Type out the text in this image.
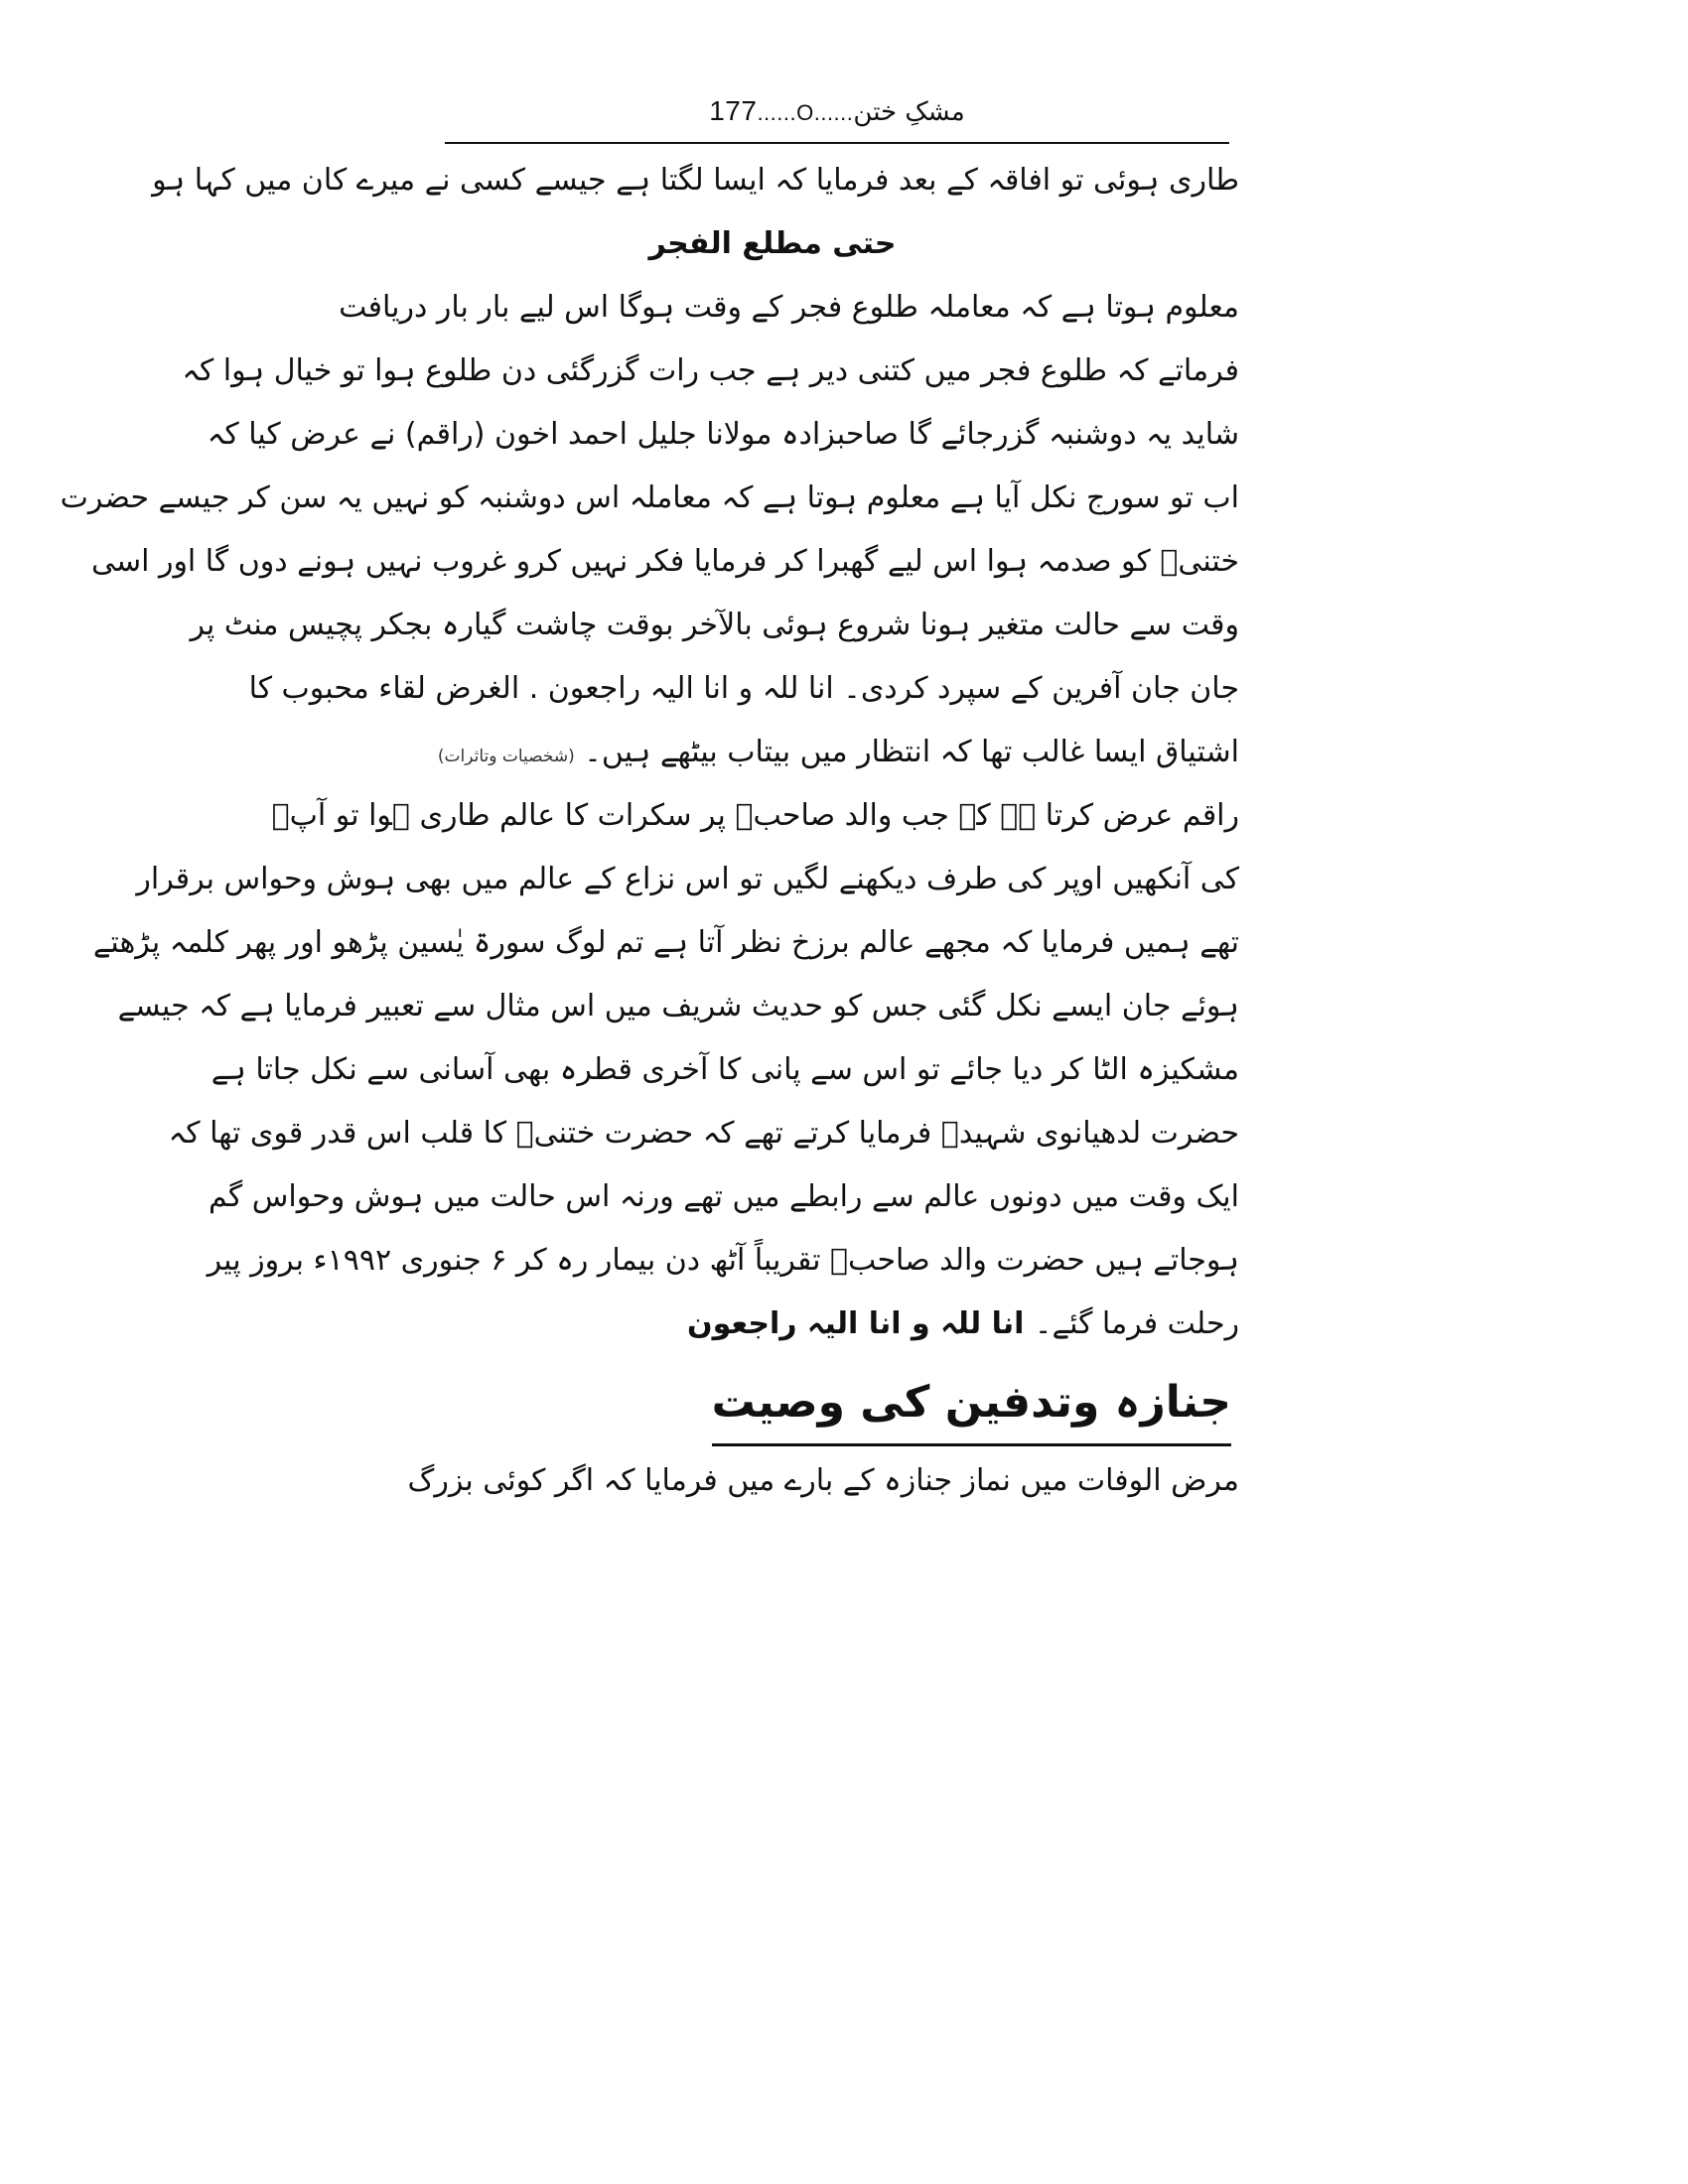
177......O......مشکِ ختن
طاری ہوئی تو افاقہ کے بعد فرمایا کہ ایسا لگتا ہے جیسے کسی نے میرے کان میں کہا ہو
حتی مطلع الفجر
معلوم ہوتا ہے کہ معاملہ طلوع فجر کے وقت ہوگا اس لیے بار بار دریافت
فرماتے کہ طلوع فجر میں کتنی دیر ہے جب رات گزرگئی دن طلوع ہوا تو خیال ہوا کہ
شاید یہ دوشنبہ گزرجائے گا صاحبزادہ مولانا جلیل احمد اخون (راقم) نے عرض کیا کہ
اب تو سورج نکل آیا ہے معلوم ہوتا ہے کہ معاملہ اس دوشنبہ کو نہیں یہ سن کر جیسے حضرت
ختنیؒ کو صدمہ ہوا اس لیے گھبرا کر فرمایا فکر نہیں کرو غروب نہیں ہونے دوں گا اور اسی
وقت سے حالت متغیر ہونا شروع ہوئی بالآخر بوقت چاشت گیارہ بجکر پچیس منٹ پر
جان جان آفرین کے سپرد کردی۔ انا للہ و انا الیہ راجعون . الغرض لقاء محبوب کا
اشتیاق ایسا غالب تھا کہ انتظار میں بیتاب بیٹھے ہیں۔ (شخصیات وتاثرات)
راقم عرض کرتا ہے کہ جب والد صاحبؒ پر سکرات کا عالم طاری ہوا تو آپؒ
کی آنکھیں اوپر کی طرف دیکھنے لگیں تو اس نزاع کے عالم میں بھی ہوش وحواس برقرار
تھے ہمیں فرمایا کہ مجھے عالم برزخ نظر آتا ہے تم لوگ سورۃ یٰسین پڑھو اور پھر کلمہ پڑھتے
ہوئے جان ایسے نکل گئی جس کو حدیث شریف میں اس مثال سے تعبیر فرمایا ہے کہ جیسے
مشکیزہ الٹا کر دیا جائے تو اس سے پانی کا آخری قطرہ بھی آسانی سے نکل جاتا ہے
حضرت لدھیانوی شہیدؒ فرمایا کرتے تھے کہ حضرت ختنیؒ کا قلب اس قدر قوی تھا کہ
ایک وقت میں دونوں عالم سے رابطے میں تھے ورنہ اس حالت میں ہوش وحواس گم
ہوجاتے ہیں حضرت والد صاحبؒ تقریباً آٹھ دن بیمار رہ کر ۶ جنوری ۱۹۹۲ء بروز پیر
رحلت فرما گئے۔ انا للہ و انا الیہ راجعون
جنازہ وتدفین کی وصیت
مرض الوفات میں نماز جنازہ کے بارے میں فرمایا کہ اگر کوئی بزرگ
